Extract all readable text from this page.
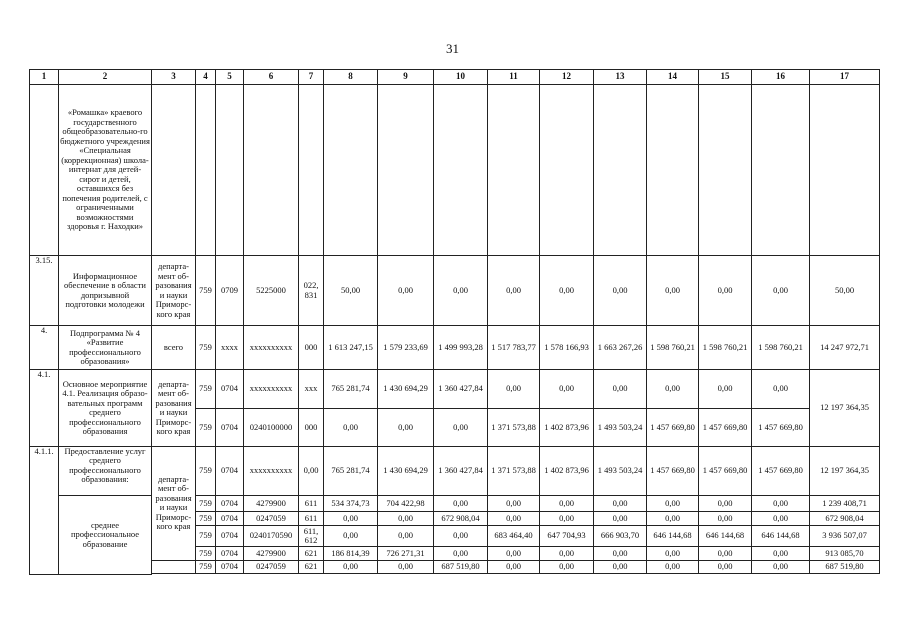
31
1	2	3	4	5	6	7	8	9	10	11	12	13	14	15	16	17
	«Ромашка» краевого государственного общеобразовательно-го бюджетного учреждения «Специальная (коррекционная) школа-интернат для детей-сирот и детей, оставшихся без попечения родителей, с ограниченными возможностями здоровья г. Находки»															
3.15.	Информационное обеспечение в области допризывной подготовки молодежи	департа-мент об-разования и науки Приморс-кого края	759	0709	5225000	022, 831	50,00	0,00	0,00	0,00	0,00	0,00	0,00	0,00	0,00	50,00
4.	Подпрограмма № 4 «Развитие профессионального образования»	всего	759	xxxx	xxxxxxxxxx	000	1 613 247,15	1 579 233,69	1 499 993,28	1 517 783,77	1 578 166,93	1 663 267,26	1 598 760,21	1 598 760,21	1 598 760,21	14 247 972,71
4.1.	Основное мероприятие 4.1. Реализация образо-вательных программ среднего профессионального образования	департа-мент об-разования и науки Приморс-кого края	759	0704	xxxxxxxxxx	xxx	765 281,74	1 430 694,29	1 360 427,84	0,00	0,00	0,00	0,00	0,00	0,00	12 197 364,35
			759	0704	0240100000	000	0,00	0,00	0,00	1 371 573,88	1 402 873,96	1 493 503,24	1 457 669,80	1 457 669,80	1 457 669,80	
4.1.1.	Предоставление услуг среднего профессионального образования:	департа-мент об-разования и науки Приморс-кого края	759	0704	xxxxxxxxxx	0,00	765 281,74	1 430 694,29	1 360 427,84	1 371 573,88	1 402 873,96	1 493 503,24	1 457 669,80	1 457 669,80	1 457 669,80	12 197 364,35
	среднее профессиональное образование		759	0704	4279900	611	534 374,73	704 422,98	0,00	0,00	0,00	0,00	0,00	0,00	0,00	1 239 408,71
			759	0704	0247059	611	0,00	0,00	672 908,04	0,00	0,00	0,00	0,00	0,00	0,00	672 908,04
			759	0704	0240170590	611, 612	0,00	0,00	0,00	683 464,40	647 704,93	666 903,70	646 144,68	646 144,68	646 144,68	3 936 507,07
			759	0704	4279900	621	186 814,39	726 271,31	0,00	0,00	0,00	0,00	0,00	0,00	0,00	913 085,70
			759	0704	0247059	621	0,00	0,00	687 519,80	0,00	0,00	0,00	0,00	0,00	0,00	687 519,80
